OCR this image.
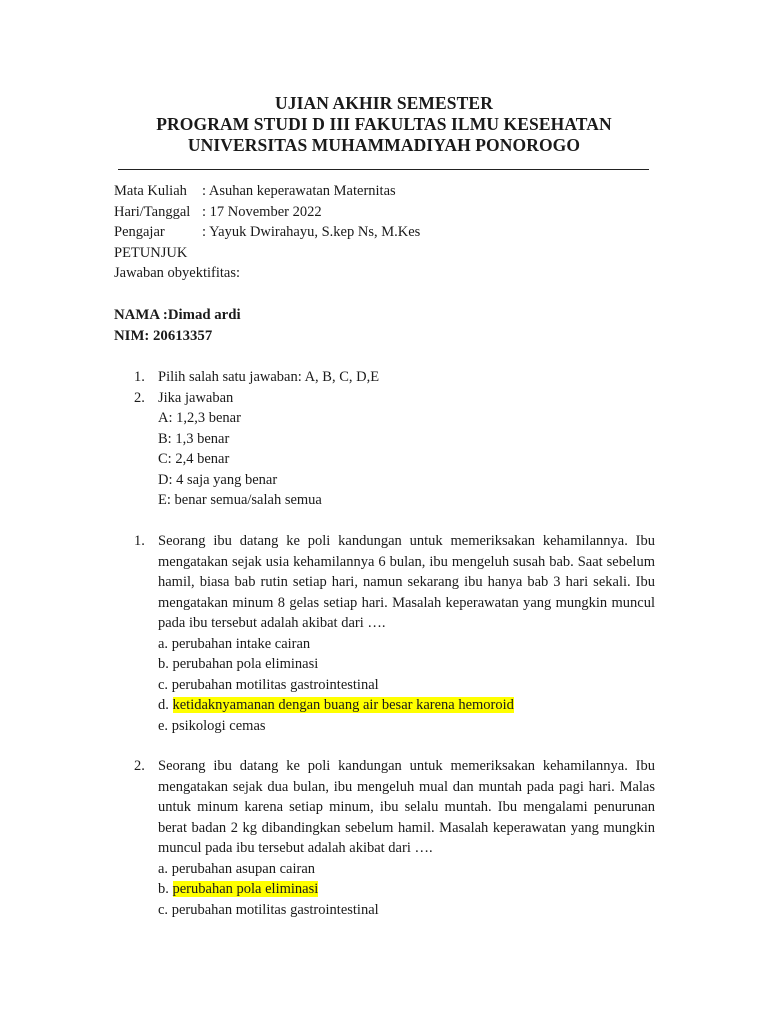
UJIAN AKHIR SEMESTER
PROGRAM STUDI D III FAKULTAS ILMU KESEHATAN
UNIVERSITAS MUHAMMADIYAH PONOROGO
Mata Kuliah : Asuhan keperawatan Maternitas
Hari/Tanggal : 17 November 2022
Pengajar	: Yayuk Dwirahayu, S.kep Ns, M.Kes
PETUNJUK
Jawaban obyektifitas:
NAMA :Dimad ardi
NIM: 20613357
1. Pilih salah satu jawaban: A, B, C, D,E
2. Jika jawaban
A: 1,2,3 benar
B: 1,3 benar
C: 2,4 benar
D: 4 saja yang benar
E: benar semua/salah semua
1. Seorang ibu datang ke poli kandungan untuk memeriksakan kehamilannya. Ibu mengatakan sejak usia kehamilannya 6 bulan, ibu mengeluh susah bab. Saat sebelum hamil, biasa bab rutin setiap hari, namun sekarang ibu hanya bab 3 hari sekali. Ibu mengatakan minum 8 gelas setiap hari. Masalah keperawatan yang mungkin muncul pada ibu tersebut adalah akibat dari ….
a. perubahan intake cairan
b. perubahan pola eliminasi
c. perubahan motilitas gastrointestinal
d. ketidaknyamanan dengan buang air besar karena hemoroid
e. psikologi cemas
2. Seorang ibu datang ke poli kandungan untuk memeriksakan kehamilannya. Ibu mengatakan sejak dua bulan, ibu mengeluh mual dan muntah pada pagi hari. Malas untuk minum karena setiap minum, ibu selalu muntah. Ibu mengalami penurunan berat badan 2 kg dibandingkan sebelum hamil. Masalah keperawatan yang mungkin muncul pada ibu tersebut adalah akibat dari ….
a. perubahan asupan cairan
b. perubahan pola eliminasi
c. perubahan motilitas gastrointestinal
